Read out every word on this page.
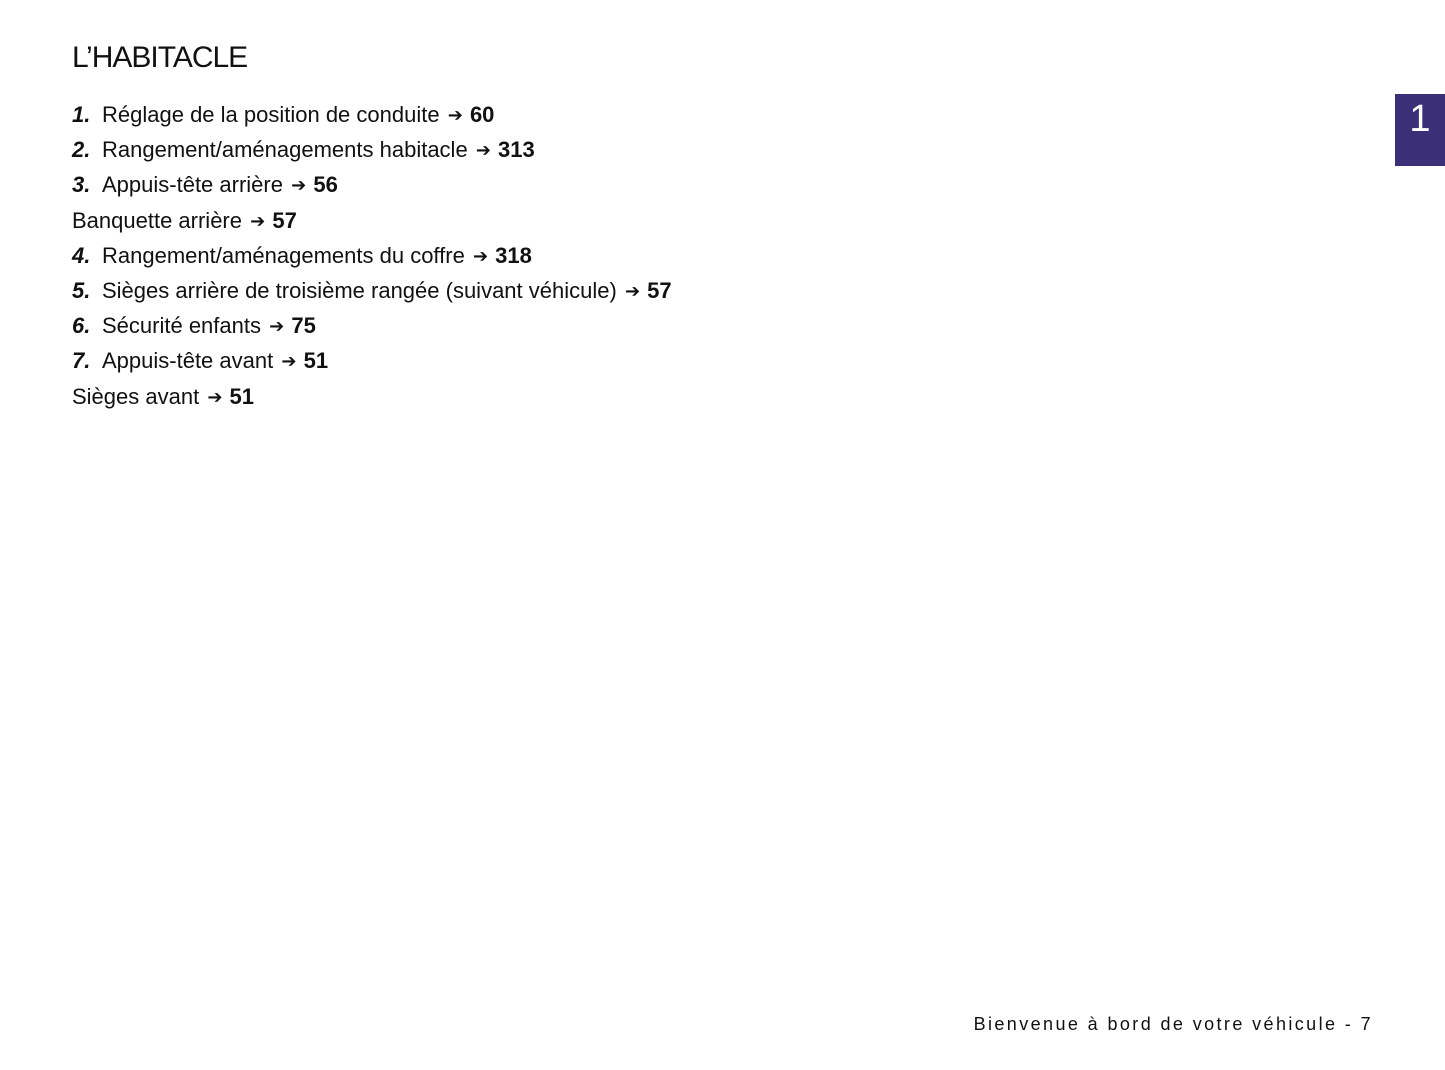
L’HABITACLE
1
1. Réglage de la position de conduite ➔ 60
2. Rangement/aménagements habitacle ➔ 313
3. Appuis-tête arrière ➔ 56
Banquette arrière ➔ 57
4. Rangement/aménagements du coffre ➔ 318
5. Sièges arrière de troisième rangée (suivant véhicule) ➔ 57
6. Sécurité enfants ➔ 75
7. Appuis-tête avant ➔ 51
Sièges avant ➔ 51
Bienvenue à bord de votre véhicule - 7
